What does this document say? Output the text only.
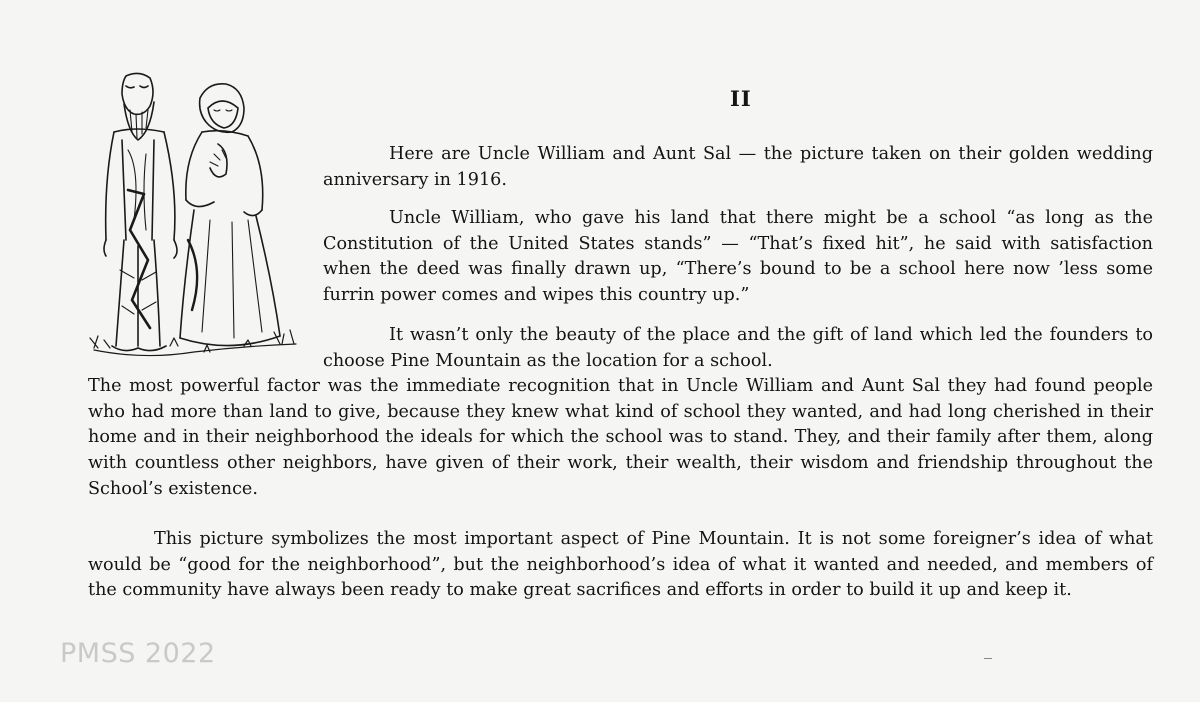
II

Here are Uncle William and Aunt Sal — the picture taken on their golden wedding anniversary in 1916.

Uncle William, who gave his land that there might be a school “as long as the Constitution of the United States stands” — “That’s fixed hit”, he said with satisfaction when the deed was finally drawn up, “There’s bound to be a school here now ’less some furrin power comes and wipes this country up.”

It wasn’t only the beauty of the place and the gift of land which led the founders to choose Pine Mountain as the location for a school.
The most powerful factor was the immediate recognition that in Uncle William and Aunt Sal they had found people who had more than land to give, because they knew what kind of school they wanted, and had long cherished in their home and in their neighborhood the ideals for which the school was to stand. They, and their family after them, along with countless other neighbors, have given of their work, their wealth, their wisdom and friendship throughout the School’s existence.

This picture symbolizes the most important aspect of Pine Mountain. It is not some foreigner’s idea of what would be “good for the neighborhood”, but the neighborhood’s idea of what it wanted and needed, and members of the community have always been ready to make great sacrifices and efforts in order to build it up and keep it.

PMSS 2022
